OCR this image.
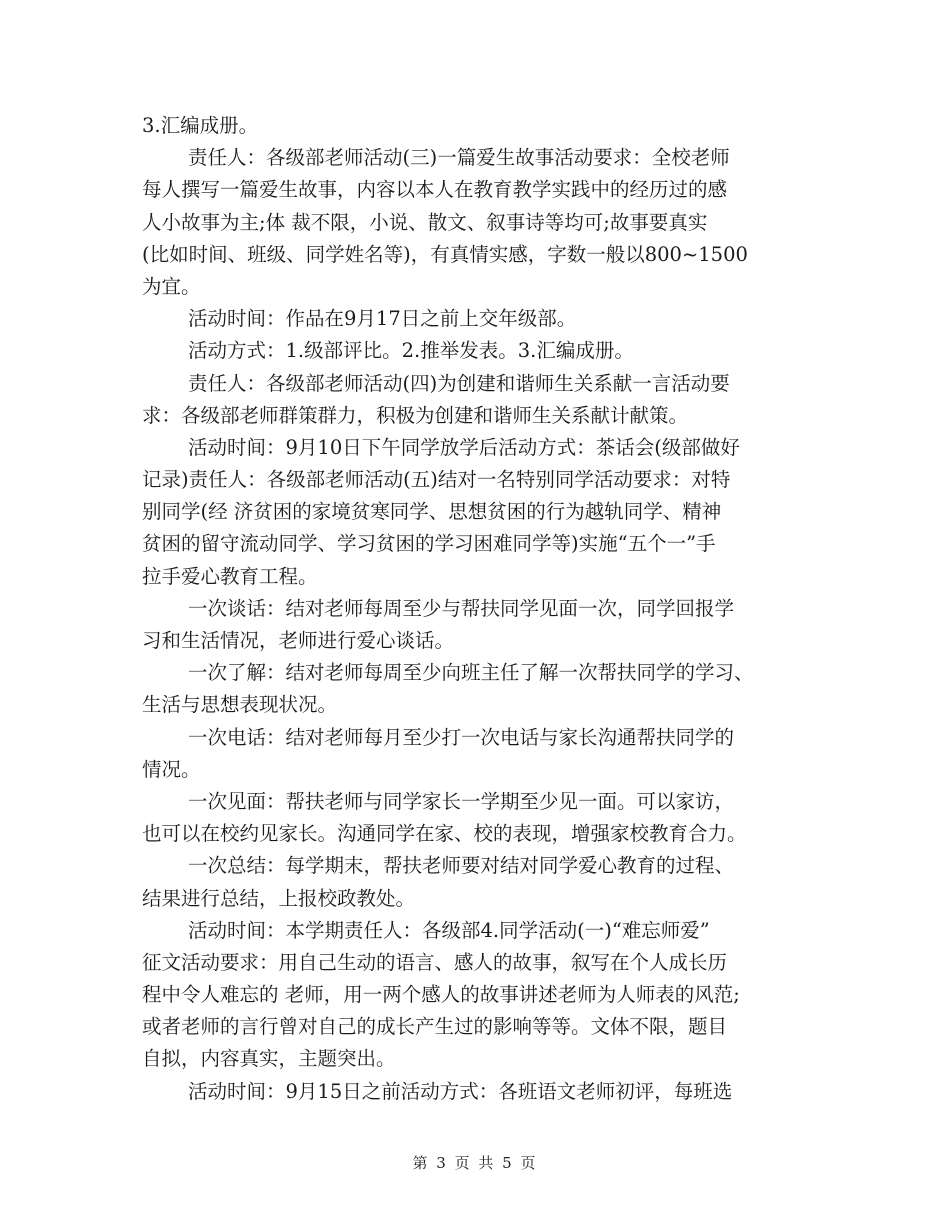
3.汇编成册。
责任人：各级部老师活动(三)一篇爱生故事活动要求：全校老师
每人撰写一篇爱生故事，内容以本人在教育教学实践中的经历过的感
人小故事为主;体 裁不限，小说、散文、叙事诗等均可;故事要真实
(比如时间、班级、同学姓名等)，有真情实感，字数一般以800~1500
为宜。
活动时间：作品在9月17日之前上交年级部。
活动方式：1.级部评比。2.推举发表。3.汇编成册。
责任人：各级部老师活动(四)为创建和谐师生关系献一言活动要
求：各级部老师群策群力，积极为创建和谐师生关系献计献策。
活动时间：9月10日下午同学放学后活动方式：茶话会(级部做好
记录)责任人：各级部老师活动(五)结对一名特别同学活动要求：对特
别同学(经 济贫困的家境贫寒同学、思想贫困的行为越轨同学、精神
贫困的留守流动同学、学习贫困的学习困难同学等)实施“五个一”手
拉手爱心教育工程。
一次谈话：结对老师每周至少与帮扶同学见面一次，同学回报学
习和生活情况，老师进行爱心谈话。
一次了解：结对老师每周至少向班主任了解一次帮扶同学的学习、
生活与思想表现状况。
一次电话：结对老师每月至少打一次电话与家长沟通帮扶同学的
情况。
一次见面：帮扶老师与同学家长一学期至少见一面。可以家访，
也可以在校约见家长。沟通同学在家、校的表现，增强家校教育合力。
一次总结：每学期末，帮扶老师要对结对同学爱心教育的过程、
结果进行总结，上报校政教处。
活动时间：本学期责任人：各级部4.同学活动(一)“难忘师爱”
征文活动要求：用自己生动的语言、感人的故事，叙写在个人成长历
程中令人难忘的 老师，用一两个感人的故事讲述老师为人师表的风范;
或者老师的言行曾对自己的成长产生过的影响等等。文体不限，题目
自拟，内容真实，主题突出。
活动时间：9月15日之前活动方式：各班语文老师初评，每班选
第 3 页 共 5 页
